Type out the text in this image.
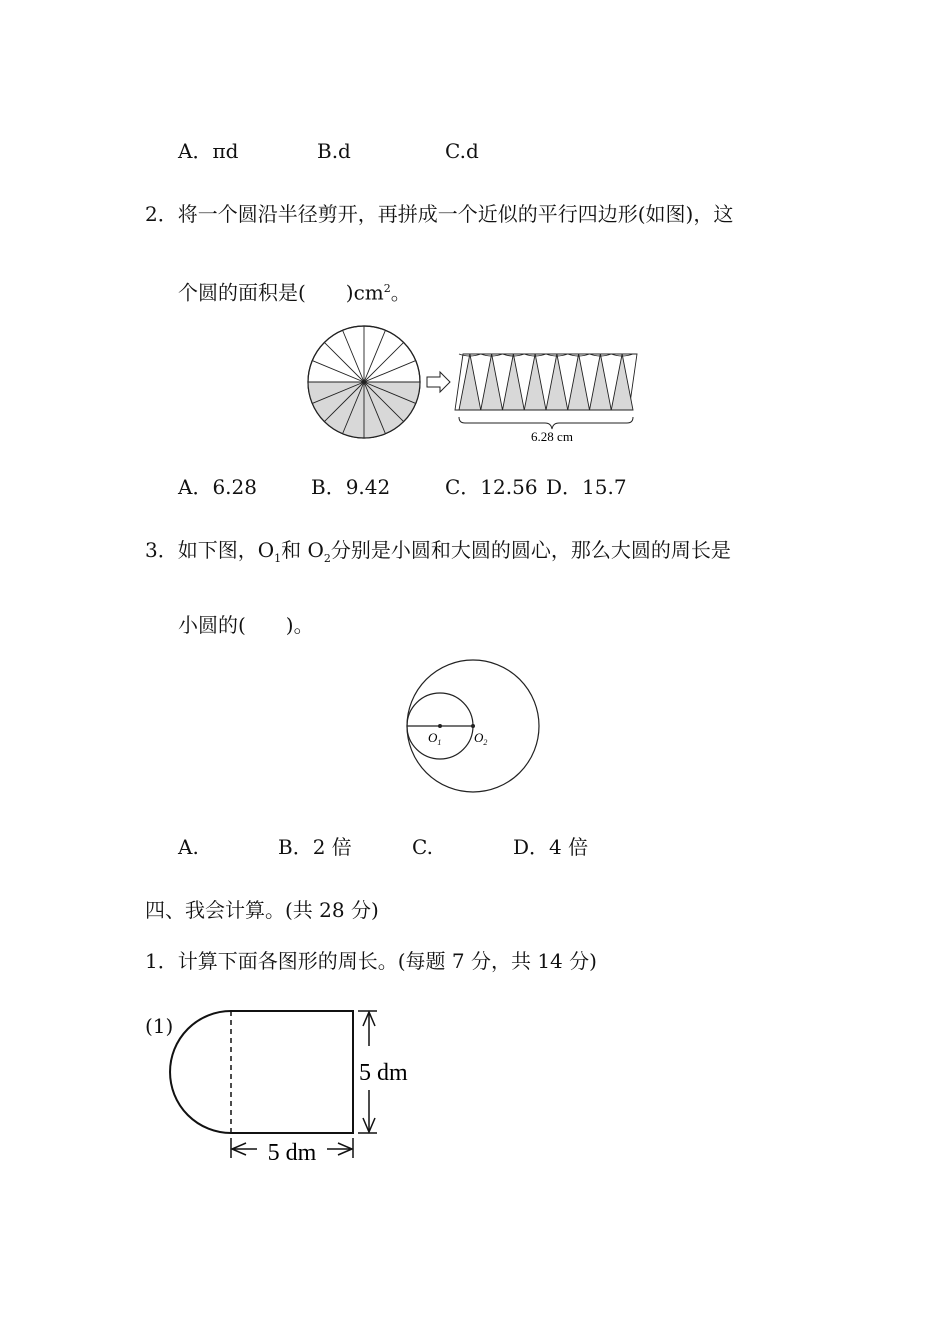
A．πd	B.d	C.d
2．将一个圆沿半径剪开，再拼成一个近似的平行四边形(如图)，这
个圆的面积是(　　)$cm^2$。
6.28 cm
A．6.28	B．9.42	C．12.56 D．15.7
3．如下图，$O_1$和 $O_2$分别是小圆和大圆的圆心，那么大圆的周长是
小圆的(　　)。
$O_1$	$O_2$
A.	B．2 倍	C.	D．4 倍
四、我会计算。(共 28 分)
1．计算下面各图形的周长。(每题 7 分，共 14 分)
(1)
5 dm
5 dm
